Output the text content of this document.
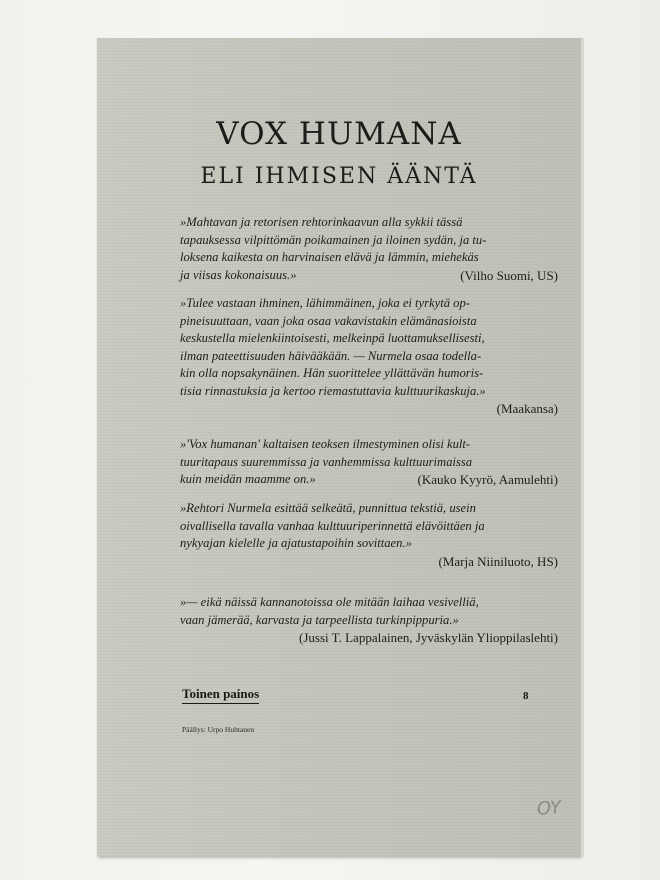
VOX HUMANA
ELI IHMISEN ÄÄNTÄ
»Mahtavan ja retorisen rehtorinkaavun alla sykkii tässä
tapauksessa vilpittömän poikamainen ja iloinen sydän, ja tu-
loksena kaikesta on harvinaisen elävä ja lämmin, miehekäs
ja viisas kokonaisuus.»	(Vilho Suomi, US)
»Tulee vastaan ihminen, lähimmäinen, joka ei tyrkytä op-
pineisuuttaan, vaan joka osaa vakavistakin elämänasioista
keskustella mielenkiintoisesti, melkeinpä luottamuksellisesti,
ilman pateettisuuden häivääkään. — Nurmela osaa todella-
kin olla nopsakynäinen. Hän suorittelee yllättävän humoris-
tisia rinnastuksia ja kertoo riemastuttavia kulttuurikaskuja.»
(Maakansa)
»'Vox humanan' kaltaisen teoksen ilmestyminen olisi kult-
tuuritapaus suuremmissa ja vanhemmissa kulttuurimaissa
kuin meidän maamme on.»	(Kauko Kyyrö, Aamulehti)
»Rehtori Nurmela esittää selkeätä, punnittua tekstiä, usein
oivallisella tavalla vanhaa kulttuuriperinnettä elävöittäen ja
nykyajan kielelle ja ajatustapoihin sovittaen.»
(Marja Niiniluoto, HS)
»— eikä näissä kannanotoissa ole mitään laihaa vesivelliä,
vaan jämerää, karvasta ja tarpeellista turkinpippuria.»
(Jussi T. Lappalainen, Jyväskylän Ylioppilaslehti)
Toinen painos	8
Päällys: Urpo Huhtanen
OY
